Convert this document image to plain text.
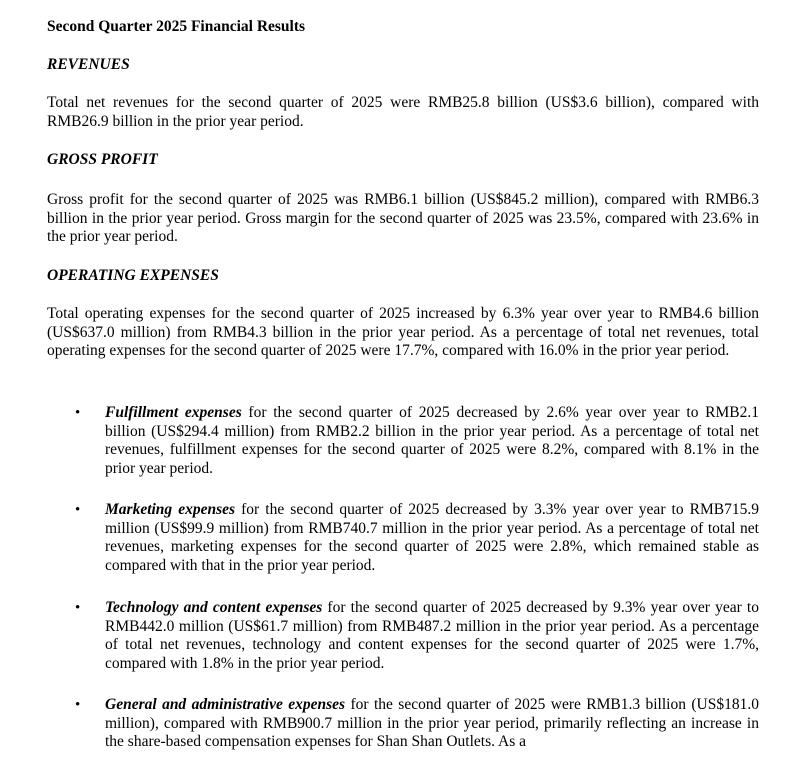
Second Quarter 2025 Financial Results
REVENUES

Total net revenues for the second quarter of 2025 were RMB25.8 billion (US$3.6 billion), compared with RMB26.9 billion in the prior year period.

GROSS PROFIT

Gross profit for the second quarter of 2025 was RMB6.1 billion (US$845.2 million), compared with RMB6.3 billion in the prior year period. Gross margin for the second quarter of 2025 was 23.5%, compared with 23.6% in the prior year period.

OPERATING EXPENSES

Total operating expenses for the second quarter of 2025 increased by 6.3% year over year to RMB4.6 billion (US$637.0 million) from RMB4.3 billion in the prior year period. As a percentage of total net revenues, total operating expenses for the second quarter of 2025 were 17.7%, compared with 16.0% in the prior year period.

• Fulfillment expenses for the second quarter of 2025 decreased by 2.6% year over year to RMB2.1 billion (US$294.4 million) from RMB2.2 billion in the prior year period. As a percentage of total net revenues, fulfillment expenses for the second quarter of 2025 were 8.2%, compared with 8.1% in the prior year period.

• Marketing expenses for the second quarter of 2025 decreased by 3.3% year over year to RMB715.9 million (US$99.9 million) from RMB740.7 million in the prior year period. As a percentage of total net revenues, marketing expenses for the second quarter of 2025 were 2.8%, which remained stable as compared with that in the prior year period.

• Technology and content expenses for the second quarter of 2025 decreased by 9.3% year over year to RMB442.0 million (US$61.7 million) from RMB487.2 million in the prior year period. As a percentage of total net revenues, technology and content expenses for the second quarter of 2025 were 1.7%, compared with 1.8% in the prior year period.

• General and administrative expenses for the second quarter of 2025 were RMB1.3 billion (US$181.0 million), compared with RMB900.7 million in the prior year period, primarily reflecting an increase in the share-based compensation expenses for Shan Shan Outlets. As a
